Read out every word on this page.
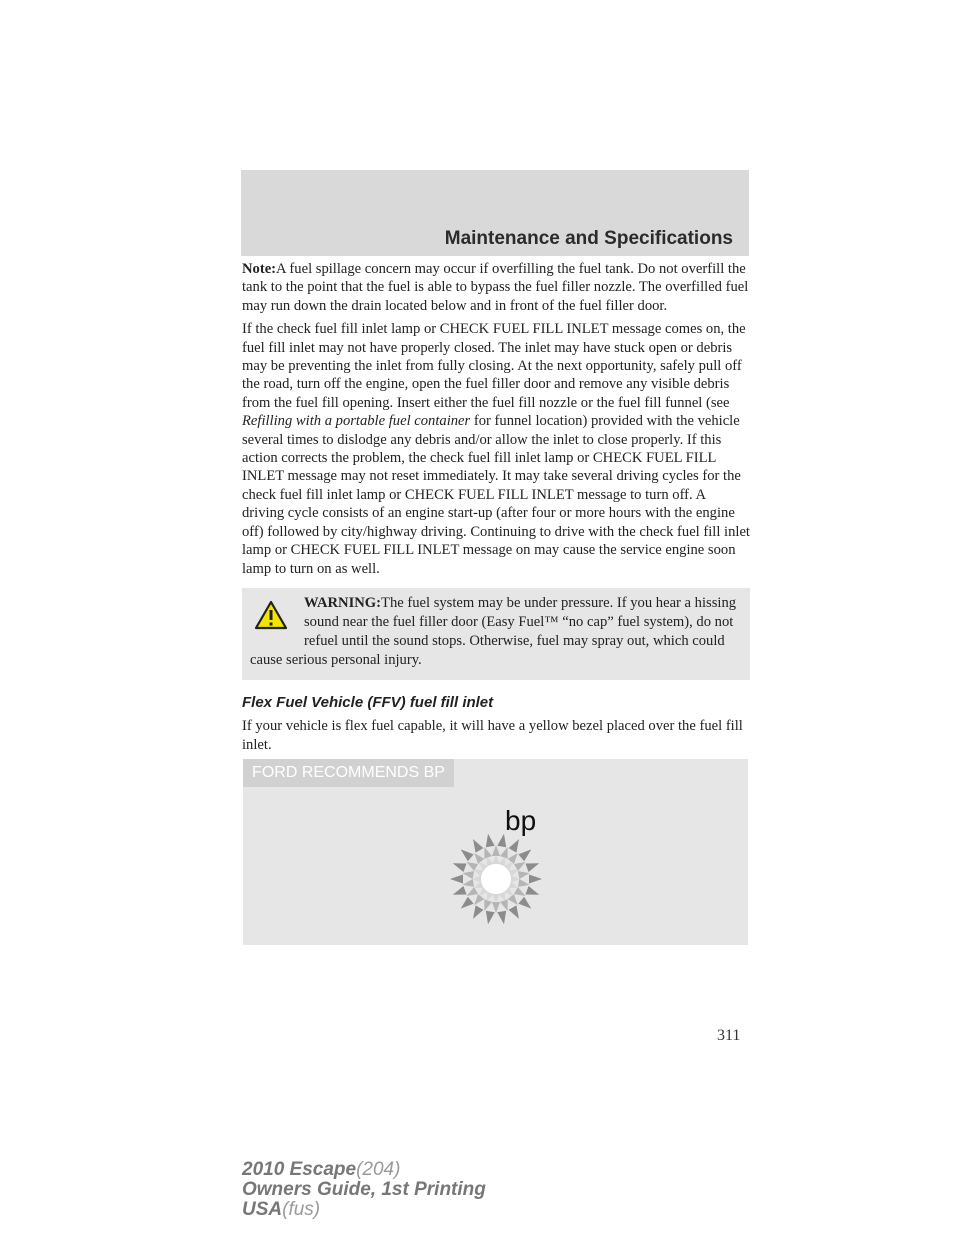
Maintenance and Specifications

Note:A fuel spillage concern may occur if overfilling the fuel tank. Do not overfill the tank to the point that the fuel is able to bypass the fuel filler nozzle. The overfilled fuel may run down the drain located below and in front of the fuel filler door.

If the check fuel fill inlet lamp or CHECK FUEL FILL INLET message comes on, the fuel fill inlet may not have properly closed. The inlet may have stuck open or debris may be preventing the inlet from fully closing. At the next opportunity, safely pull off the road, turn off the engine, open the fuel filler door and remove any visible debris from the fuel fill opening. Insert either the fuel fill nozzle or the fuel fill funnel (see Refilling with a portable fuel container for funnel location) provided with the vehicle several times to dislodge any debris and/or allow the inlet to close properly. If this action corrects the problem, the check fuel fill inlet lamp or CHECK FUEL FILL INLET message may not reset immediately. It may take several driving cycles for the check fuel fill inlet lamp or CHECK FUEL FILL INLET message to turn off. A driving cycle consists of an engine start-up (after four or more hours with the engine off) followed by city/highway driving. Continuing to drive with the check fuel fill inlet lamp or CHECK FUEL FILL INLET message on may cause the service engine soon lamp to turn on as well.

WARNING:The fuel system may be under pressure. If you hear a hissing sound near the fuel filler door (Easy Fuel™ “no cap” fuel system), do not refuel until the sound stops. Otherwise, fuel may spray out, which could cause serious personal injury.

Flex Fuel Vehicle (FFV) fuel fill inlet

If your vehicle is flex fuel capable, it will have a yellow bezel placed over the fuel fill inlet.

FORD RECOMMENDS BP
bp
311
2010 Escape(204)
Owners Guide, 1st Printing
USA(fus)
